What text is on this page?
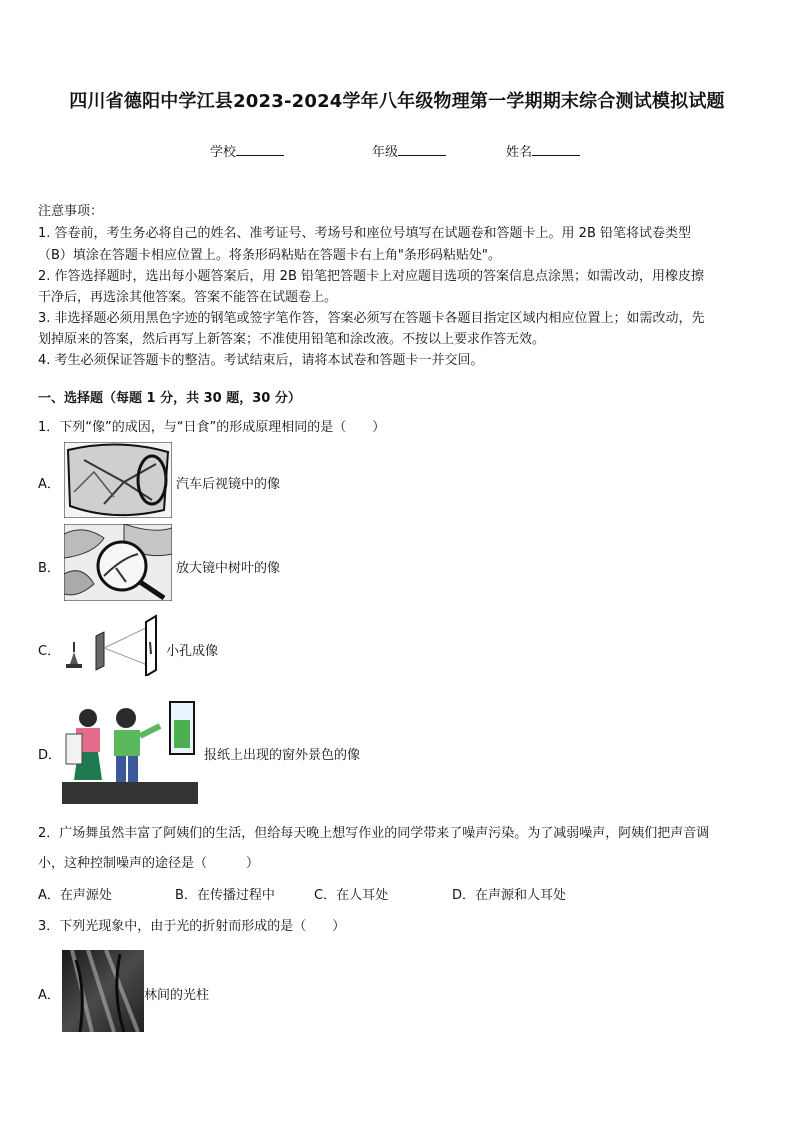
四川省德阳中学江县2023-2024学年八年级物理第一学期期末综合测试模拟试题
学校	年级	姓名
注意事项：
1. 答卷前，考生务必将自己的姓名、准考证号、考场号和座位号填写在试题卷和答题卡上。用 2B 铅笔将试卷类型
（B）填涂在答题卡相应位置上。将条形码粘贴在答题卡右上角"条形码粘贴处"。
2. 作答选择题时，选出每小题答案后，用 2B 铅笔把答题卡上对应题目选项的答案信息点涂黑；如需改动，用橡皮擦
干净后，再选涂其他答案。答案不能答在试题卷上。
3. 非选择题必须用黑色字迹的钢笔或签字笔作答，答案必须写在答题卡各题目指定区域内相应位置上；如需改动，先
划掉原来的答案，然后再写上新答案；不准使用铅笔和涂改液。不按以上要求作答无效。
4. 考生必须保证答题卡的整洁。考试结束后，请将本试卷和答题卡一并交回。
一、选择题（每题 1 分，共 30 题，30 分）
1．下列“像”的成因，与“日食”的形成原理相同的是（　　）
A．	汽车后视镜中的像
B．	放大镜中树叶的像
C．	小孔成像
D．	报纸上出现的窗外景色的像
2．广场舞虽然丰富了阿姨们的生活，但给每天晚上想写作业的同学带来了噪声污染。为了减弱噪声，阿姨们把声音调
小，这种控制噪声的途径是（　　　）
A．在声源处	B．在传播过程中	C．在人耳处	D．在声源和人耳处
3．下列光现象中，由于光的折射而形成的是（　　）
A．	林间的光柱
